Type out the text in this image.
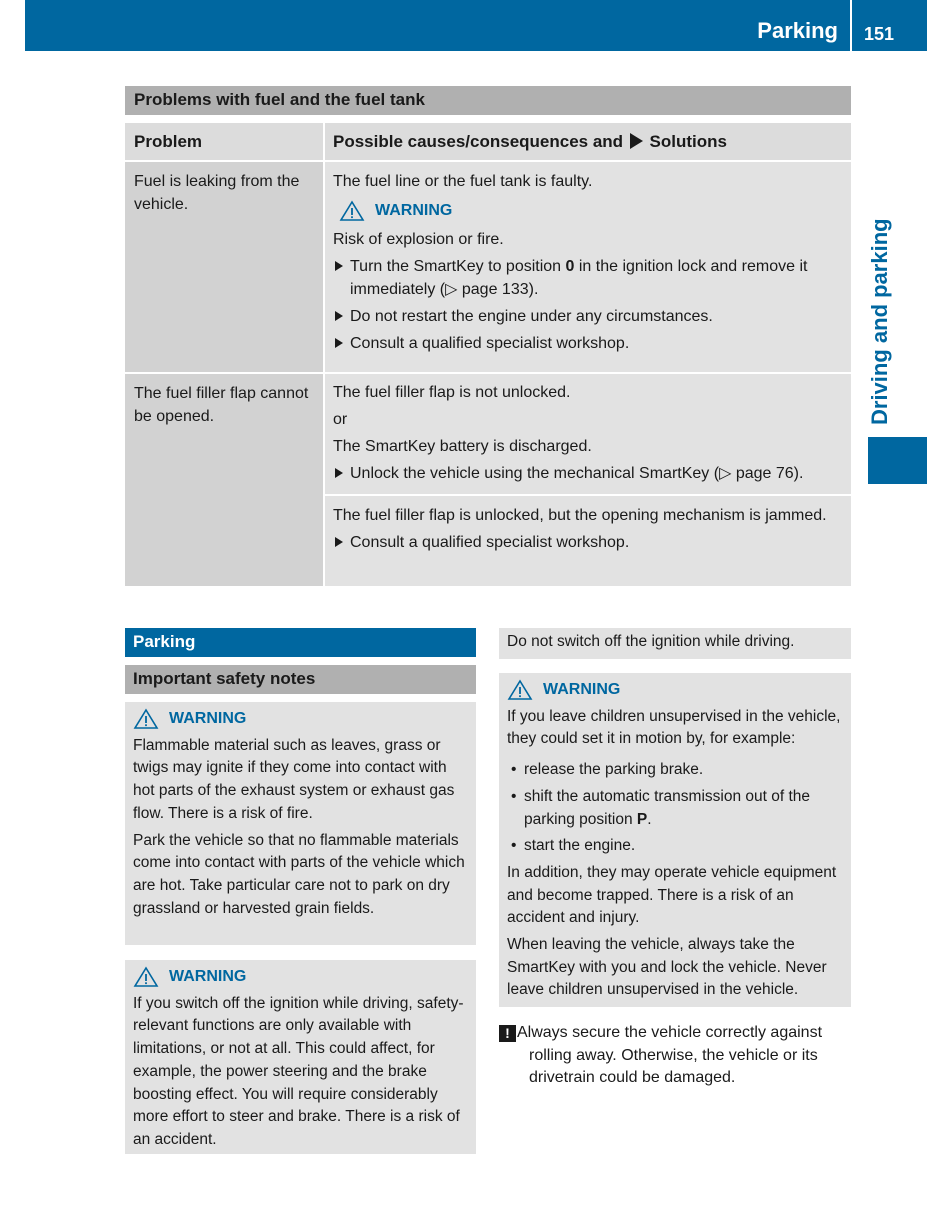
Parking 151
Driving and parking
Problems with fuel and the fuel tank
Problem	Possible causes/consequences and Solutions
Fuel is leaking from the vehicle.

The fuel line or the fuel tank is faulty.

WARNING

Risk of explosion or fire.

Turn the SmartKey to position 0 in the ignition lock and remove it immediately (▷ page 133).
Do not restart the engine under any circumstances.
Consult a qualified specialist workshop.
The fuel filler flap cannot be opened.

The fuel filler flap is not unlocked.

or

The SmartKey battery is discharged.

Unlock the vehicle using the mechanical SmartKey (▷ page 76).

The fuel filler flap is unlocked, but the opening mechanism is jammed.

Consult a qualified specialist workshop.
Parking
Important safety notes
WARNING

Flammable material such as leaves, grass or twigs may ignite if they come into contact with hot parts of the exhaust system or exhaust gas flow. There is a risk of fire.

Park the vehicle so that no flammable materials come into contact with parts of the vehicle which are hot. Take particular care not to park on dry grassland or harvested grain fields.

WARNING

If you switch off the ignition while driving, safety-relevant functions are only available with limitations, or not at all. This could affect, for example, the power steering and the brake boosting effect. You will require considerably more effort to steer and brake. There is a risk of an accident.

Do not switch off the ignition while driving.
WARNING

If you leave children unsupervised in the vehicle, they could set it in motion by, for example:

• release the parking brake.
• shift the automatic transmission out of the parking position P.
• start the engine.

In addition, they may operate vehicle equipment and become trapped. There is a risk of an accident and injury.

When leaving the vehicle, always take the SmartKey with you and lock the vehicle. Never leave children unsupervised in the vehicle.

! Always secure the vehicle correctly against rolling away. Otherwise, the vehicle or its drivetrain could be damaged.
